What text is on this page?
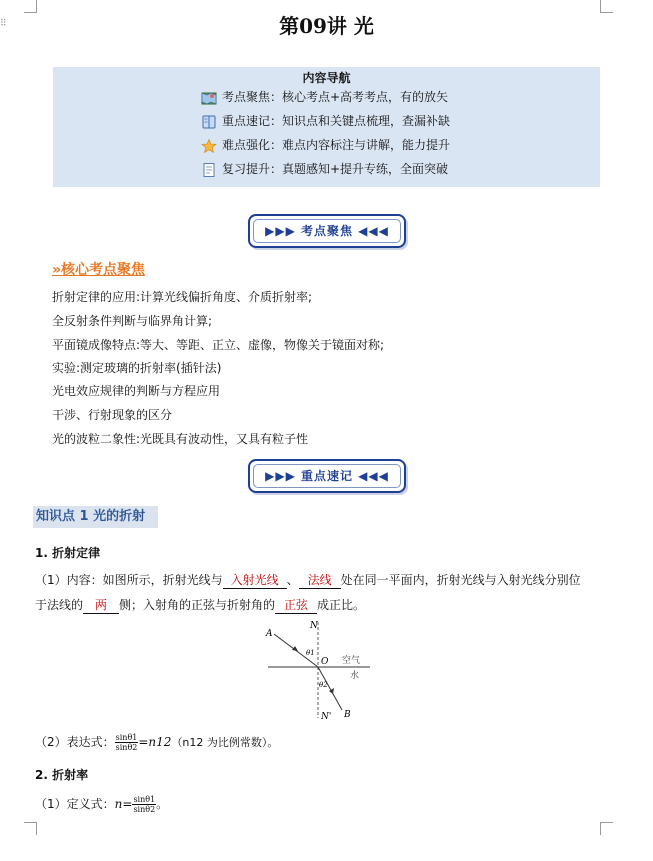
⠿	第09讲 光
内容导航
考点聚焦：核心考点+高考考点，有的放矢
重点速记：知识点和关键点梳理，查漏补缺
难点强化：难点内容标注与讲解，能力提升
复习提升：真题感知+提升专练，全面突破
▶▶▶ 考点聚焦 ◀◀◀
»核心考点聚焦
折射定律的应用:计算光线偏折角度、介质折射率;
全反射条件判断与临界角计算;
平面镜成像特点:等大、等距、正立、虚像，物像关于镜面对称;
实验:测定玻璃的折射率(插针法)
光电效应规律的判断与方程应用
干涉、行射现象的区分
光的波粒二象性:光既具有波动性，又具有粒子性
▶▶▶ 重点速记 ◀◀◀
知识点 1 光的折射
1. 折射定律
（1）内容：如图所示，折射光线与 入射光线 、 法线 处在同一平面内，折射光线与入射光线分别位
于法线的 两 侧；入射角的正弦与折射角的 正弦 成正比。
A
N
θ1
O 空气
水
θ2
N' B
（2）表达式： $\frac{\sin\theta 1}{\sin\theta 2} =n12(n12$ 为比例常数）。
2. 折射率
（1）定义式：$n= \frac{\sin\theta 1}{\sin\theta 2}$ 。
